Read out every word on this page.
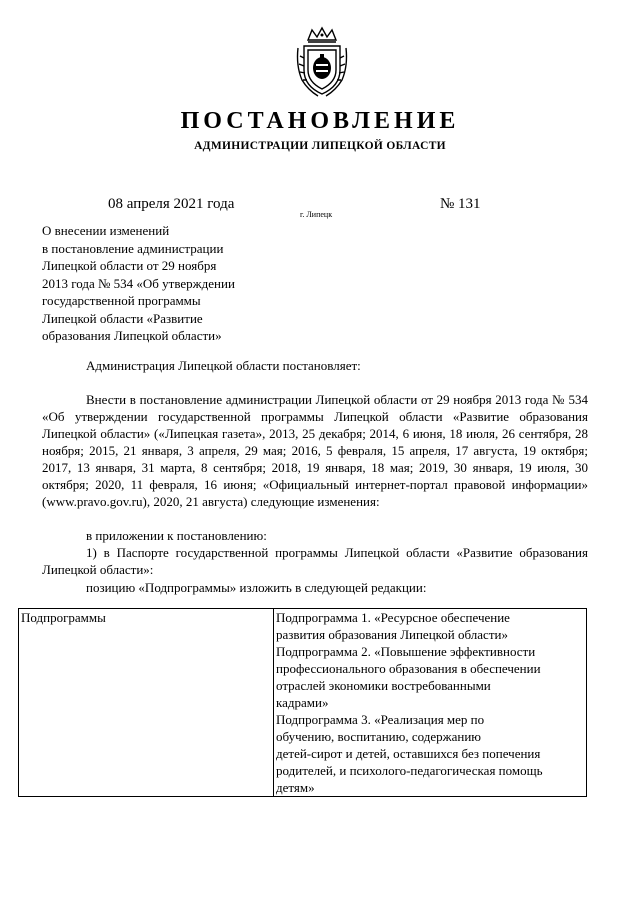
ПОСТАНОВЛЕНИЕ
АДМИНИСТРАЦИИ ЛИПЕЦКОЙ ОБЛАСТИ
08 апреля 2021 года
г. Липецк
№ 131
О внесении изменений
в постановление администрации
Липецкой области от 29 ноября
2013 года № 534 «Об утверждении
государственной программы
Липецкой области «Развитие
образования Липецкой области»
Администрация Липецкой области постановляет:
Внести в постановление администрации Липецкой области от 29 ноября 2013 года № 534 «Об утверждении государственной программы Липецкой области «Развитие образования Липецкой области» («Липецкая газета», 2013, 25 декабря; 2014, 6 июня, 18 июля, 26 сентября, 28 ноября; 2015, 21 января, 3 апреля, 29 мая; 2016, 5 февраля, 15 апреля, 17 августа, 19 октября; 2017, 13 января, 31 марта, 8 сентября; 2018, 19 января, 18 мая; 2019, 30 января, 19 июля, 30 октября; 2020, 11 февраля, 16 июня; «Официальный интернет-портал правовой информации» (www.pravo.gov.ru), 2020, 21 августа) следующие изменения:
в приложении к постановлению:
1) в Паспорте государственной программы Липецкой области «Развитие образования Липецкой области»:
позицию «Подпрограммы» изложить в следующей редакции:
Подпрограммы	Подпрограмма 1. «Ресурсное обеспечение
развития образования Липецкой области»
Подпрограмма 2. «Повышение эффективности
профессионального образования в обеспечении
отраслей экономики востребованными
кадрами»
Подпрограмма 3. «Реализация мер по
обучению, воспитанию, содержанию
детей-сирот и детей, оставшихся без попечения
родителей, и психолого-педагогическая помощь
детям»
